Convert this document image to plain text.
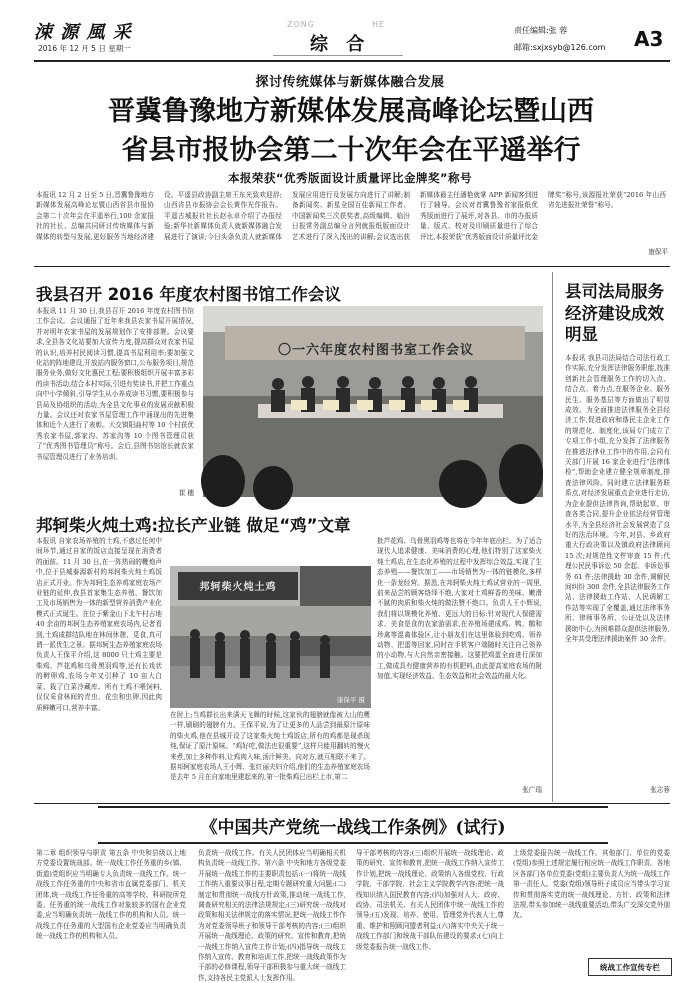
涑 源 風 采
2016 年 12 月 5 日 星期一
ZONG	HE
综 合
责任编辑:张 蓉
邮箱:sxjxsyb@126.com A3
探讨传统媒体与新媒体融合发展
晋冀鲁豫地方新媒体发展高峰论坛暨山西
省县市报协会第二十次年会在平遥举行
本报荣获“优秀版面设计质量评比金牌奖”称号
本报讯 12 月 2 日至 5 日,晋冀鲁豫地方新媒体发展高峰论坛暨山西省县市报协会第二十次年会在平遥举行,100 余家报社的社长、总编共同研讨传统媒体与新媒体的转型与发展,更好服务当地经济建设。平遥县政协副主席王东光致欢迎辞;山西省县市报协会会长黄作光作报告。平遥古城报社社长赵永卓介绍了办报经验;新华社新媒体负责人就新媒体融合发展进行了演讲;今日头条负责人就新媒体发展应用进行及发展方向进行了讲解;制备新闻奖、新星全国百佳新闻工作者、中国新闻奖三次获奖者,高级编辑、临汾日报常务副总编分言列就报纸版面设计艺术进行了深入浅出的讲解;会议选出获新媒体最主任潘艳就掌 APP 新闻客到进行了辅导。会议对首冀鲁豫省家报纸优秀版面进行了展评,对各县、市的办报质量、版式、校对及印刷质量进行了综合评比,本报荣获“优秀版面设计质量评比金牌奖”称号,该源报社荣获“2016 年山西省先进报社荣誉”称号。
康保平
我县召开 2016 年度农村图书馆工作会议
本报讯 11 月 30 日,我县召开 2016 年度农村图书馆工作会议。会议通报了近年来我县农家书屋开展情况,并对明年农家书屋的发展规划作了安排部署。会议要求,全县各文化站要加大宣传力度,提高群众对农家书屋的认识,培养村民阅读习惯,提高书屋利用率;要加强文化站的阵地建设,开放站内服务窗口,公布服务项目,规范服务业务,做好文化惠民工程;要积极组织开展丰富多彩的读书活动,结合本村实际,引进有奖读书,并把工作重点向中小学倾斜,引导学生从小养成读书习惯,要积极参与县局及协组织的活动,为全县文化事业的发展贡献积极力量。会议还对农家书屋管理工作中涌现出的先进集体和近个人进行了表彰。大交镇阳曲村等 10 个村获优秀农家书屋,郭家沟、苏家沟等 10 个图书管理员获了“优秀图书管理员”称号。会后,县图书馆馆长就农家书屋管理员进行了业务培训。
崔 穗
〇一六年度农村图书室工作会议
邦轲柴火炖土鸡:拉长产业链 做足“鸡”文章
本报讯 自家农场养殖的土鸡,不惑过任何中间环节,通过自家的饭店直接呈现在消费者的面前。11 月 30 日,在一阵热闹的鞭炮声中,位于县城泰源新村的邦轲柴火炖土鸡饭店正式开业。作为邦轲生态养鸡家庭农场产业链的延伸,我县首家集生态养殖、餐饮加工及市场销售为一体的新型营养消费产业化模式正式诞生。在位于紫金山下北午村占地 40 余亩的邦轲生态养殖家庭农场内,记者看到,土鸡成群结队地在林间休憩、觅食,真可谓一派优生之景。据邦轲生态养殖家庭农场负责人王保平介绍,这 8000 只土鸡主要是柴鸡、芦花鸡和乌骨黑羽鸡等,还有长戏状的孵卵鸡,农场今年又引种了 10 亩大白菜、栽了白菜冷藏库。所有土鸡不喂饲料,仅仅采食林间的青虫、花虫和虫卵,因此肉质鲜嫩可口,营养丰富。
在肘上;当鸡群长出来满天飞舞的时候,这家伙的翅膀就像被大山的鹰一样,刷刷的翅膀有力。王保平说,为了让更多的人品尝到最原汁原味的柴火鸡,他在县城开设了这家柴火炖土鸡饭店,所有的鸡都是现杀现炖,保证了原汁原味。“鸡好吃,做法也很重要”,这样只能用翻转的慢火来煮,加上多种作料,让鸡肉入味,汤汁鲜美。向对方,就互相联不来了。据邦轲家庭农场人王小辉、张红丽夫妇介绍,他们的生态养殖家庭农场是去年 5 月在自家地里建起来的,第一批柴鸡已出栏上市,第二
批芦花鸡、乌骨黑羽鸡等也将在今年年底出栏。为了适合现代人追求健康、美味消费的心理,他们特别了这家柴火炖土鸡店,在生态化养殖的过程中发挥综合效益,实现了生态养殖——餐饮加工——市场销售为一体的链模化,多样化一条龙经营。据悉,在邦轲柴火炖土鸡试营业的一周里,前来品尝的顾客络绎不绝,大家对土鸡鲜香的美味、嫩滑不腻的肉质和柴火炖的做法赞不绝口。负责人王小辉说,我们将以规模化养殖、更远大的目标:针对现代人保健需求、美食是食的农家游需求,在养殖场建成鸡、鸭、鹅和珍禽等混禽体验区,让小朋友们在这里体验到吃鸡、领养动物、把蛋等回家,同时在手机客户端随时关注自己领养的小动物,与大自然亲密接触。这要把鸡蛋全面进行深加工,做成具有健康营养的有机肥料,由此提高家庭农场的附加值,实现经济效益、生态效益和社会效益的最大化。
张广瑞
邦轲柴火炖土鸡
康保平 摄
县司法局服务经济建设成效明显
本报讯 我县司法局结合司法行政工作实际,充分发挥法律服务职能,找准创新社会管理服务工作的切入点、结合点、着力点,在服务企业、服务民生、服务基层等方面做出了明显成效。为全面推进法律服务全县经济工作,促进政府和谐民主企业工作的规范化、制度化,该局专门成立了专项工作小组,充分发挥了法律服务在推进法律业工作中的作用,会同有关部门开展 16 家企业进行“法律体检”,帮助企业建立健全规章制度,排查法律风险。同时建立法律服务联系点,对经济发展重点企业进行走访,为企业提供法律咨询,帮助起草、审查各类合同,提升企业依法经营管理水平,为全县经济社会发展营造了良好的法治环境。今年,对县、乡政府重大行政决策以及镇政府法律顾问 15 次;对规范性文件审查 15 件;代理公民民事诉讼 50 余起、非诉讼事务 61 件;法律援助 30 余件,调解民间纠纷 300 余件,全县法律服务工作站、法律援助工作站、人民调解工作站等实现了全覆盖,通过法律事务所、律师事务所、公证处以及法律援助中心,为困难群众提供法律服务,全年共受理法律援助案件 30 余件。
张志蓉
《中国共产党统一战线工作条例》(试行)
第二章 组织领导与职责 第五条 中央和县级以上地方党委设置统战部。统一战线工作任务重的乡(镇、街道)党组织应当明确专人负责统一战线工作。统一战线工作任务重的中央和省市直属党委部门、机关团体,统一战线工作任务重的高等学校、科研院所党委、任务重的统一战线工作对象较多的国有企业党委,应当明确负责统一战线工作的机构和人员。统一战线工作任务重的大型国有企业党委应当明确负责统一战线工作的机构和人员。
负责统一战线工作。有关人民团体应当明确相关机构负责统一战线工作。第六条 中央和地方各级党委开展统一战线工作的主要职责包括:(一)将统一战线工作纳入重要议事日程,定期专题研究重大问题;(二)制定和贯彻统一战线方针政策,推动统一战线工作,调查研究相关的法律法规规定;(三)研究统一战线对政策和相关法律规定的落实情况,把统一战线工作作为对党委领导班子和领导干部考核的内容;(三)组织开展统一战线理论、政策的研究、宣传和教育,把统一战线工作纳入宣传工作计划;(四)指导统一战线工作纳入宣传、教育和培训工作,把统一战线政策作为干部的必修课程,领导干部积极参与重大统一战线工作,支持各民主党派人士发挥作用。
导干部考核的内容;(三)组织开展统一战线理论、政策的研究、宣传和教育,把统一战线工作纳入宣传工作计划,把统一战线理论、政策纳入各级党校、行政学院、干部学院、社会主义学院教学内容;把统一战线知识纳入国民教育内容;(四)加强对人大、政府、政协、司法机关、有关人民团体中统一战线工作的领导;(五)发现、培养、使用、管理党外代表人士,尊重、维护和照顾同盟者利益;(六)落实中央关于统一战线工作部门和统战干部队伍建设的要求;(七)向上级党委报告统一战线工作。
上级党委报告统一战线工作。其他部门、单位的党委(党组)参照上述规定履行相应统一战线工作职责。各地区各部门各单位党委(党组)主要负责人为统一战线工作第一责任人。党委(党组)领导班子成员应当带头学习宣传和贯彻落实党的统一战线理论、方针、政策和法律法规,带头参加统一战线重要活动,带头广交深交党外朋友。
统战工作宣传专栏
